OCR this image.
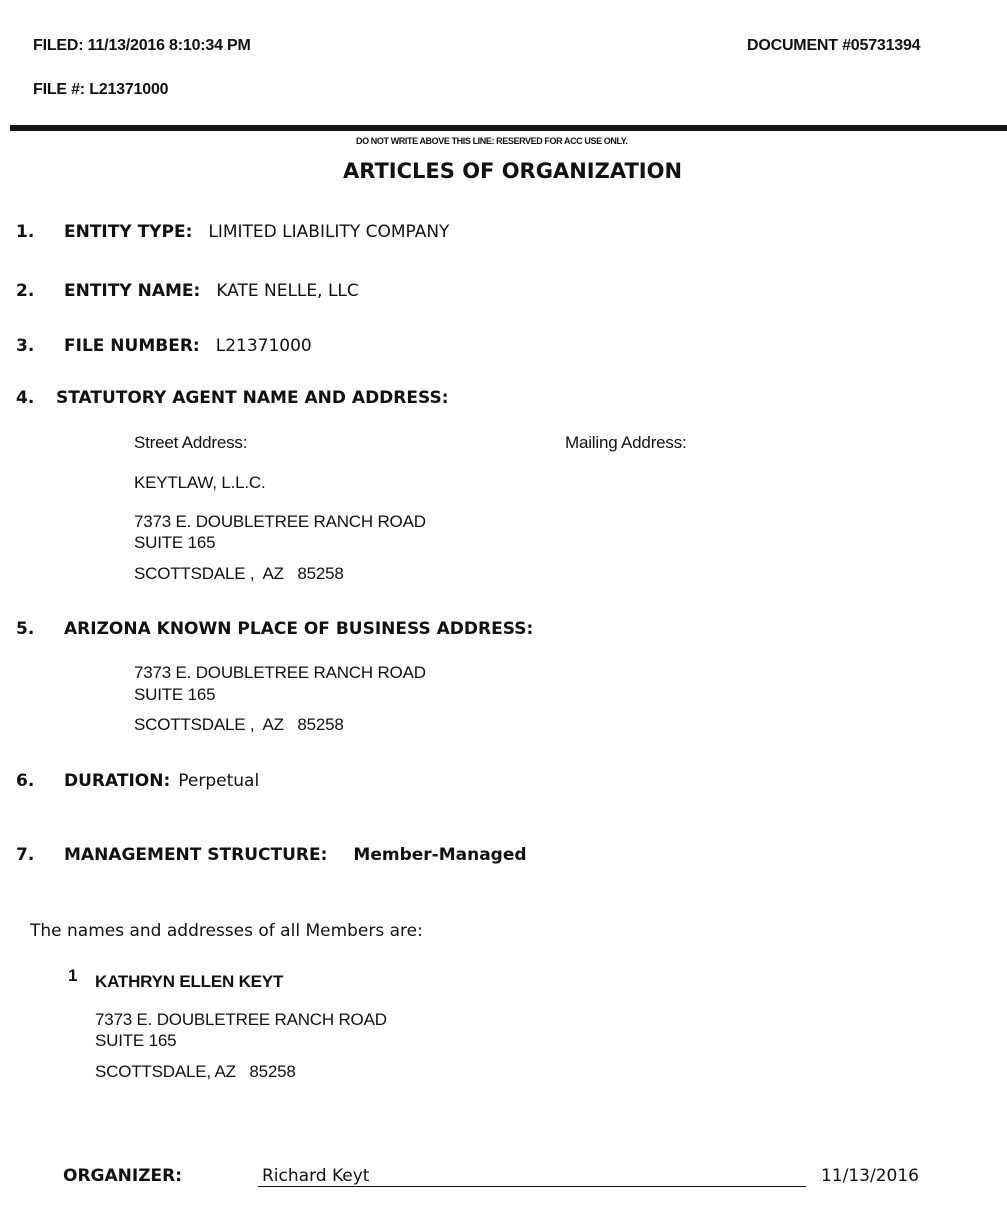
FILED: 11/13/2016 8:10:34 PM	DOCUMENT #05731394
FILE #: L21371000
DO NOT WRITE ABOVE THIS LINE: RESERVED FOR ACC USE ONLY.
ARTICLES OF ORGANIZATION
1. ENTITY TYPE: LIMITED LIABILITY COMPANY
2. ENTITY NAME: KATE NELLE, LLC
3. FILE NUMBER: L21371000
4. STATUTORY AGENT NAME AND ADDRESS:
Street Address:	Mailing Address:
KEYTLAW, L.L.C.
7373 E. DOUBLETREE RANCH ROAD
SUITE 165
SCOTTSDALE ,  AZ   85258
5. ARIZONA KNOWN PLACE OF BUSINESS ADDRESS:
7373 E. DOUBLETREE RANCH ROAD
SUITE 165
SCOTTSDALE ,  AZ   85258
6. DURATION: Perpetual
7. MANAGEMENT STRUCTURE: Member-Managed
The names and addresses of all Members are:
1 KATHRYN ELLEN KEYT
7373 E. DOUBLETREE RANCH ROAD
SUITE 165
SCOTTSDALE, AZ   85258
ORGANIZER:	Richard Keyt	11/13/2016
